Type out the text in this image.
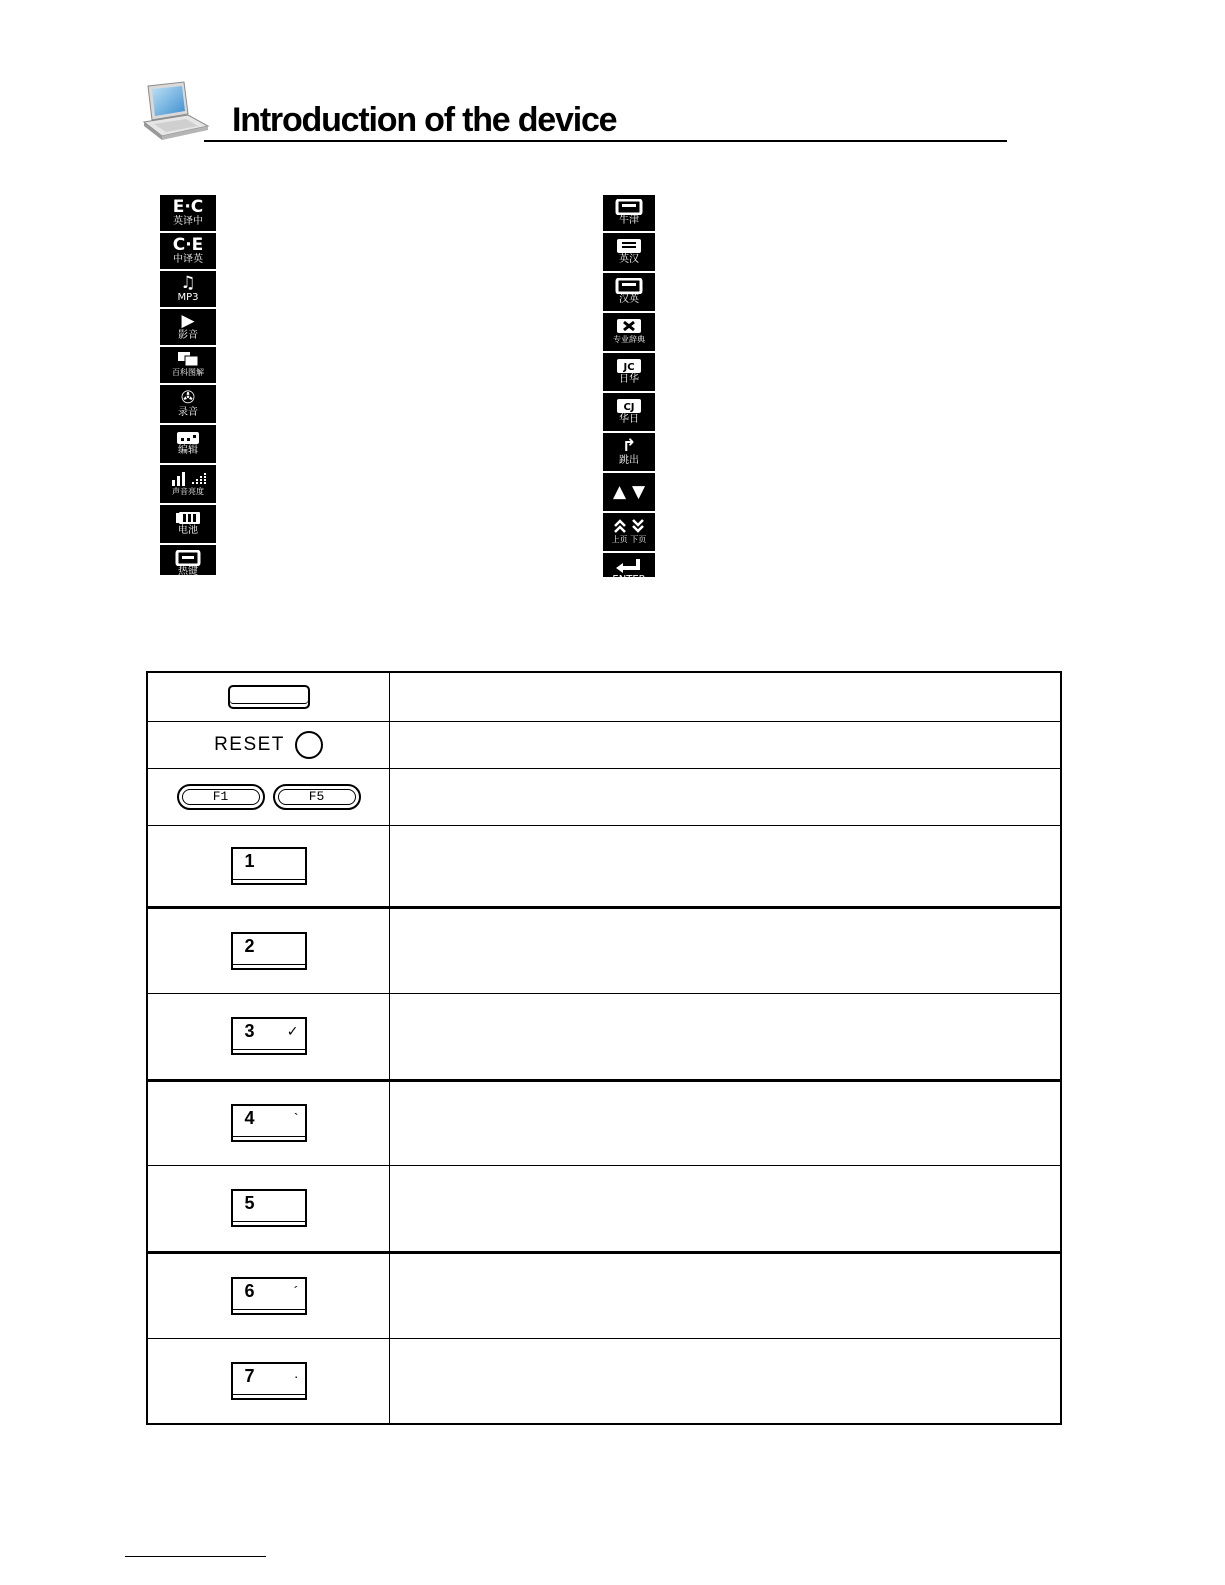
Introduction of the device
E·C
英译中
C·E
中译英
♫
MP3
▶
影音
百科图解
✇
录音
编辑
声音亮度
电池
热键
牛津
英汉
汉英
专业辞典
JC
日华
CJ
华日
↱
跳出
▲ ▼
上页 下页
ENTER

RESET	
F1 F5	

1	

2	

3 ✓	

4 `	

5	

6 ´	

7 ·	
